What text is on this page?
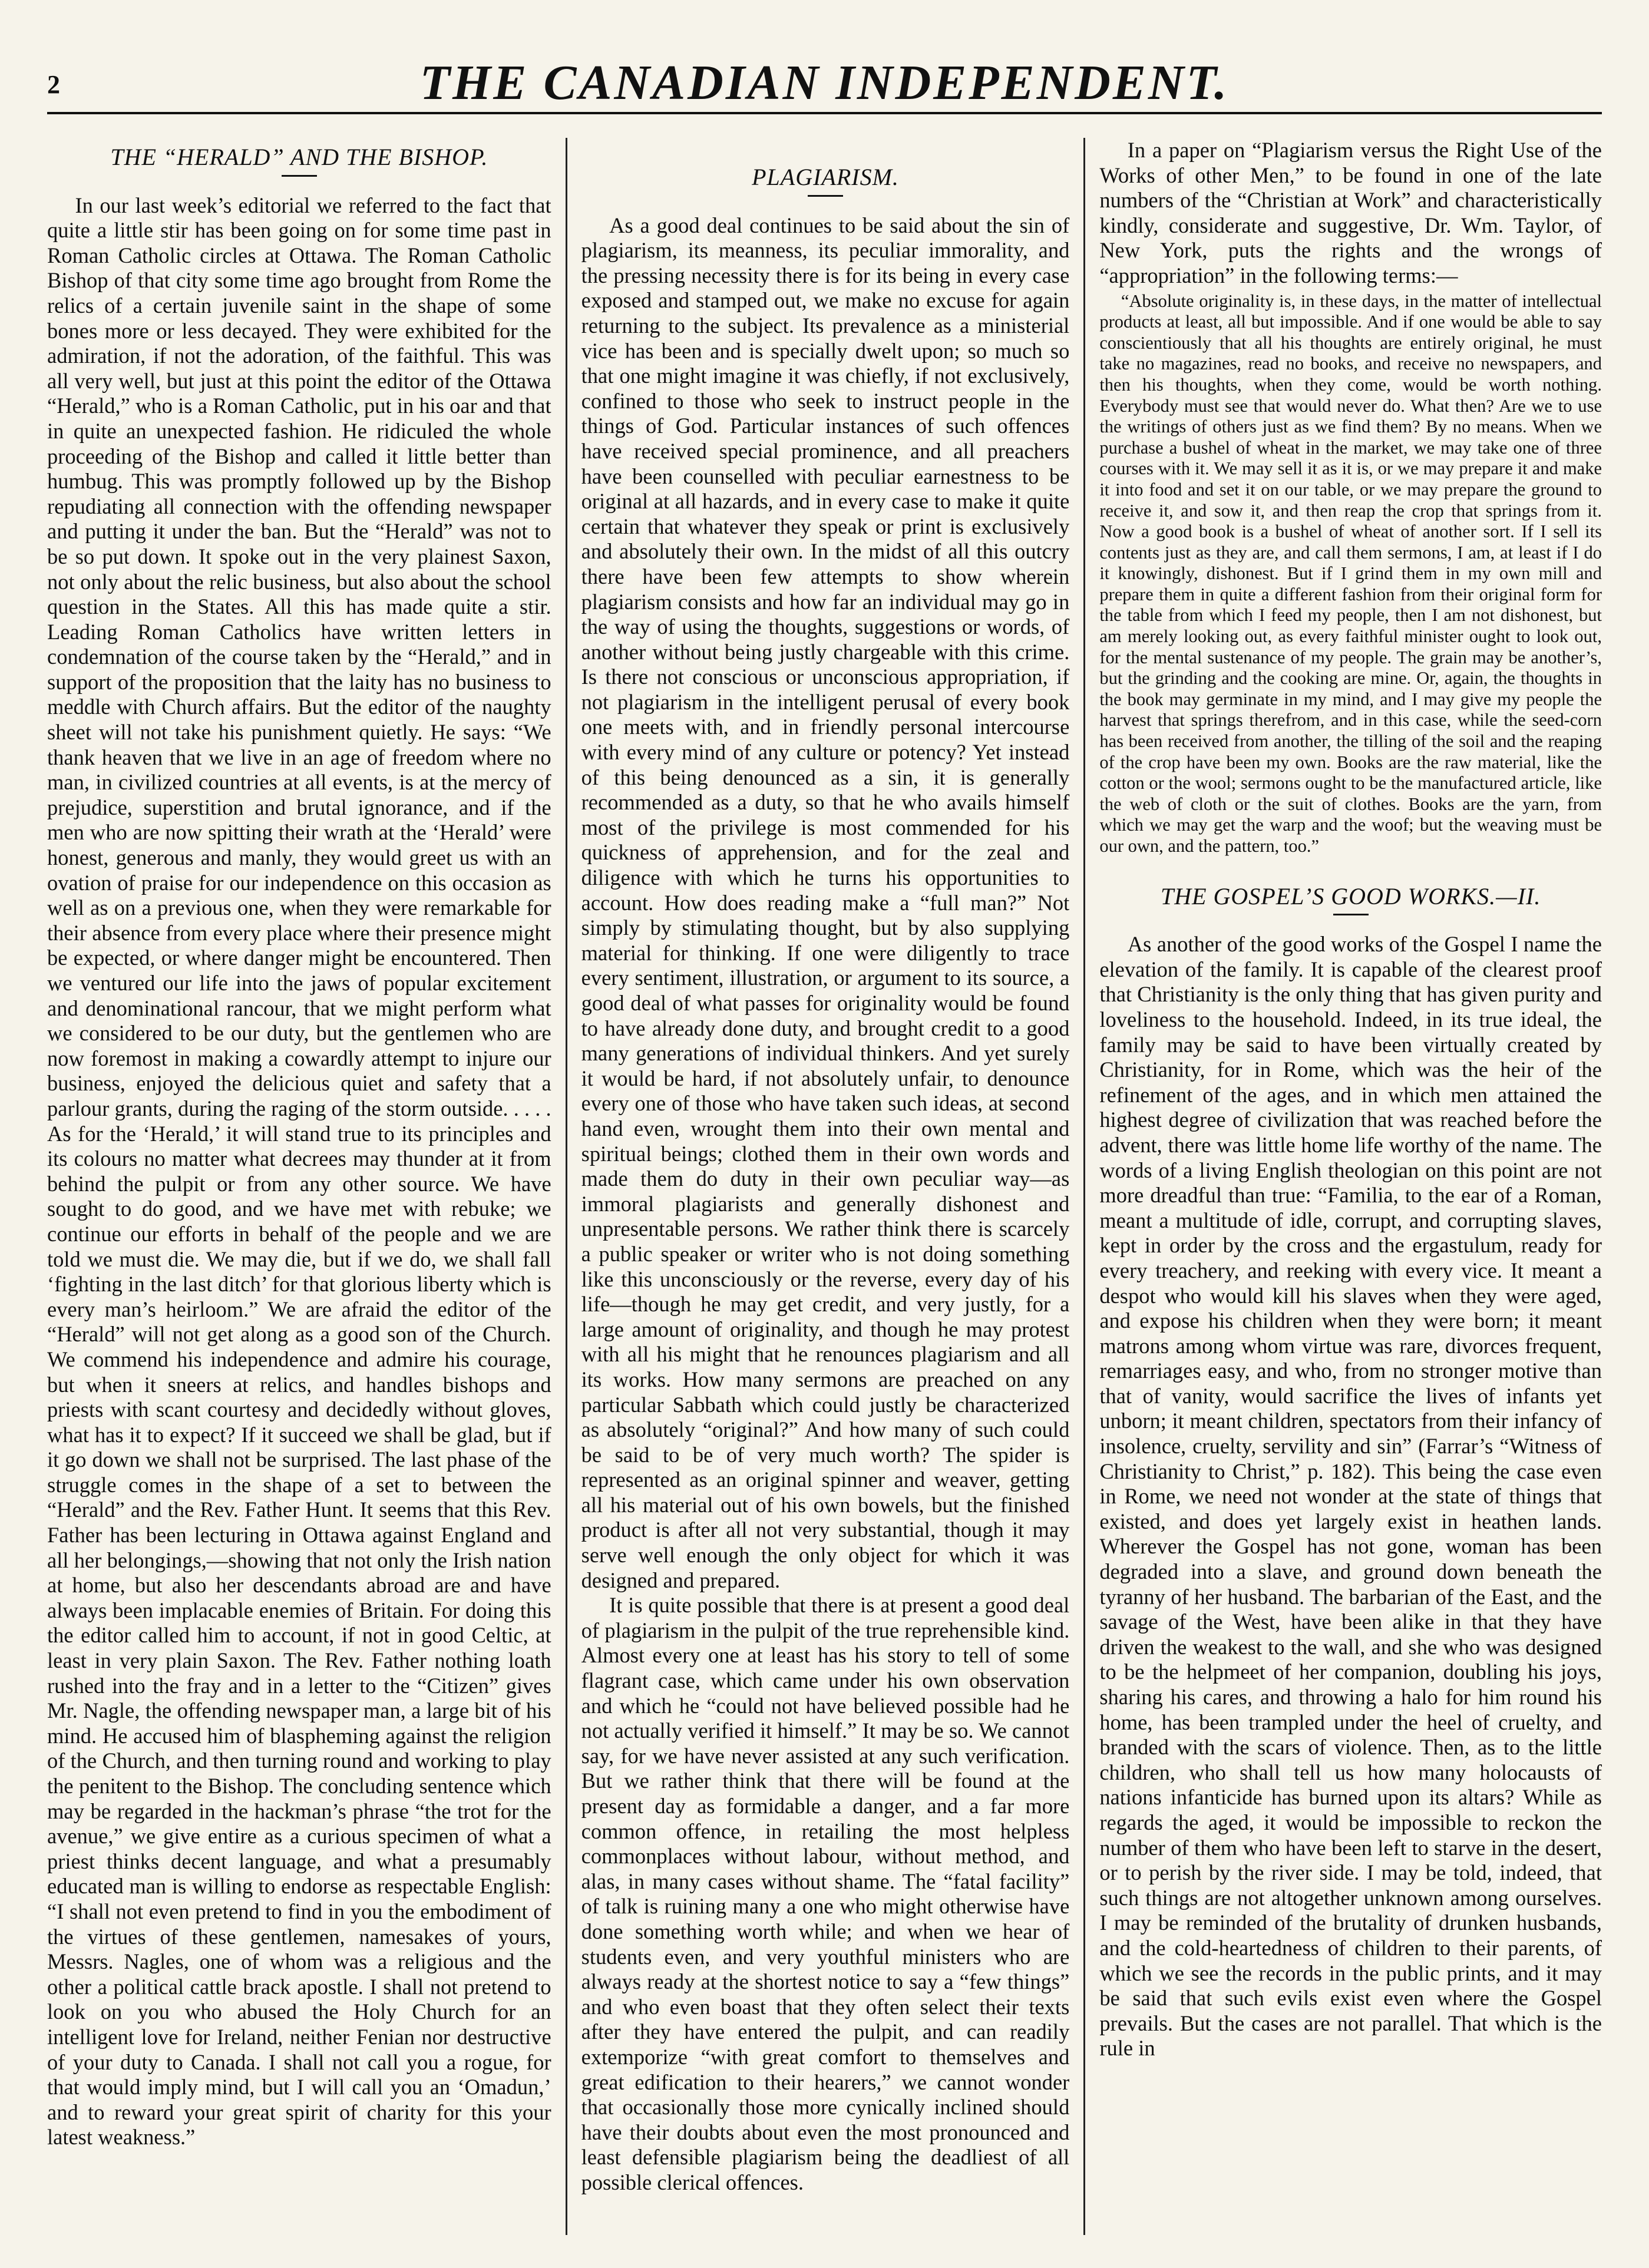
2	THE CANADIAN INDEPENDENT.
THE “HERALD” AND THE BISHOP.

In our last week’s editorial we referred to the fact that quite a little stir has been going on for some time past in Roman Catholic circles at Ottawa. The Roman Catholic Bishop of that city some time ago brought from Rome the relics of a certain juvenile saint in the shape of some bones more or less decayed. They were exhibited for the admiration, if not the adoration, of the faithful. This was all very well, but just at this point the editor of the Ottawa “Herald,” who is a Roman Catholic, put in his oar and that in quite an unexpected fashion. He ridiculed the whole proceeding of the Bishop and called it little better than humbug. This was promptly followed up by the Bishop repudiating all connection with the offending newspaper and putting it under the ban. But the “Herald” was not to be so put down. It spoke out in the very plainest Saxon, not only about the relic business, but also about the school question in the States. All this has made quite a stir. Leading Roman Catholics have written letters in condemnation of the course taken by the “Herald,” and in support of the proposition that the laity has no business to meddle with Church affairs. But the editor of the naughty sheet will not take his punishment quietly. He says: “We thank heaven that we live in an age of freedom where no man, in civilized countries at all events, is at the mercy of prejudice, superstition and brutal ignorance, and if the men who are now spitting their wrath at the ‘Herald’ were honest, generous and manly, they would greet us with an ovation of praise for our independence on this occasion as well as on a previous one, when they were remarkable for their absence from every place where their presence might be expected, or where danger might be encountered. Then we ventured our life into the jaws of popular excitement and denominational rancour, that we might perform what we considered to be our duty, but the gentlemen who are now foremost in making a cowardly attempt to injure our business, enjoyed the delicious quiet and safety that a parlour grants, during the raging of the storm outside. . . . . As for the ‘Herald,’ it will stand true to its principles and its colours no matter what decrees may thunder at it from behind the pulpit or from any other source. We have sought to do good, and we have met with rebuke; we continue our efforts in behalf of the people and we are told we must die. We may die, but if we do, we shall fall ‘fighting in the last ditch’ for that glorious liberty which is every man’s heirloom.” We are afraid the editor of the “Herald” will not get along as a good son of the Church. We commend his independence and admire his courage, but when it sneers at relics, and handles bishops and priests with scant courtesy and decidedly without gloves, what has it to expect? If it succeed we shall be glad, but if it go down we shall not be surprised. The last phase of the struggle comes in the shape of a set to between the “Herald” and the Rev. Father Hunt. It seems that this Rev. Father has been lecturing in Ottawa against England and all her belongings,—showing that not only the Irish nation at home, but also her descendants abroad are and have always been implacable enemies of Britain. For doing this the editor called him to account, if not in good Celtic, at least in very plain Saxon. The Rev. Father nothing loath rushed into the fray and in a letter to the “Citizen” gives Mr. Nagle, the offending newspaper man, a large bit of his mind. He accused him of blaspheming against the religion of the Church, and then turning round and working to play the penitent to the Bishop. The concluding sentence which may be regarded in the hackman’s phrase “the trot for the avenue,” we give entire as a curious specimen of what a priest thinks decent language, and what a presumably educated man is willing to endorse as respectable English: “I shall not even pretend to find in you the embodiment of the virtues of these gentlemen, namesakes of yours, Messrs. Nagles, one of whom was a religious and the other a political cattle brack apostle. I shall not pretend to look on you who abused the Holy Church for an intelligent love for Ireland, neither Fenian nor destructive of your duty to Canada. I shall not call you a rogue, for that would imply mind, but I will call you an ‘Omadun,’ and to reward your great spirit of charity for this your latest weakness.”

PLAGIARISM.

As a good deal continues to be said about the sin of plagiarism, its meanness, its peculiar immorality, and the pressing necessity there is for its being in every case exposed and stamped out, we make no excuse for again returning to the subject. Its prevalence as a ministerial vice has been and is specially dwelt upon; so much so that one might imagine it was chiefly, if not exclusively, confined to those who seek to instruct people in the things of God. Particular instances of such offences have received special prominence, and all preachers have been counselled with peculiar earnestness to be original at all hazards, and in every case to make it quite certain that whatever they speak or print is exclusively and absolutely their own. In the midst of all this outcry there have been few attempts to show wherein plagiarism consists and how far an individual may go in the way of using the thoughts, suggestions or words, of another without being justly chargeable with this crime. Is there not conscious or unconscious appropriation, if not plagiarism in the intelligent perusal of every book one meets with, and in friendly personal intercourse with every mind of any culture or potency? Yet instead of this being denounced as a sin, it is generally recommended as a duty, so that he who avails himself most of the privilege is most commended for his quickness of apprehension, and for the zeal and diligence with which he turns his opportunities to account. How does reading make a “full man?” Not simply by stimulating thought, but by also supplying material for thinking. If one were diligently to trace every sentiment, illustration, or argument to its source, a good deal of what passes for originality would be found to have already done duty, and brought credit to a good many generations of individual thinkers. And yet surely it would be hard, if not absolutely unfair, to denounce every one of those who have taken such ideas, at second hand even, wrought them into their own mental and spiritual beings; clothed them in their own words and made them do duty in their own peculiar way—as immoral plagiarists and generally dishonest and unpresentable persons. We rather think there is scarcely a public speaker or writer who is not doing something like this unconsciously or the reverse, every day of his life—though he may get credit, and very justly, for a large amount of originality, and though he may protest with all his might that he renounces plagiarism and all its works. How many sermons are preached on any particular Sabbath which could justly be characterized as absolutely “original?” And how many of such could be said to be of very much worth? The spider is represented as an original spinner and weaver, getting all his material out of his own bowels, but the finished product is after all not very substantial, though it may serve well enough the only object for which it was designed and prepared.

It is quite possible that there is at present a good deal of plagiarism in the pulpit of the true reprehensible kind. Almost every one at least has his story to tell of some flagrant case, which came under his own observation and which he “could not have believed possible had he not actually verified it himself.” It may be so. We cannot say, for we have never assisted at any such verification. But we rather think that there will be found at the present day as formidable a danger, and a far more common offence, in retailing the most helpless commonplaces without labour, without method, and alas, in many cases without shame. The “fatal facility” of talk is ruining many a one who might otherwise have done something worth while; and when we hear of students even, and very youthful ministers who are always ready at the shortest notice to say a “few things” and who even boast that they often select their texts after they have entered the pulpit, and can readily extemporize “with great comfort to themselves and great edification to their hearers,” we cannot wonder that occasionally those more cynically inclined should have their doubts about even the most pronounced and least defensible plagiarism being the deadliest of all possible clerical offences.

In a paper on “Plagiarism versus the Right Use of the Works of other Men,” to be found in one of the late numbers of the “Christian at Work” and characteristically kindly, considerate and suggestive, Dr. Wm. Taylor, of New York, puts the rights and the wrongs of “appropriation” in the following terms:—

“Absolute originality is, in these days, in the matter of intellectual products at least, all but impossible. And if one would be able to say conscientiously that all his thoughts are entirely original, he must take no magazines, read no books, and receive no newspapers, and then his thoughts, when they come, would be worth nothing. Everybody must see that would never do. What then? Are we to use the writings of others just as we find them? By no means. When we purchase a bushel of wheat in the market, we may take one of three courses with it. We may sell it as it is, or we may prepare it and make it into food and set it on our table, or we may prepare the ground to receive it, and sow it, and then reap the crop that springs from it. Now a good book is a bushel of wheat of another sort. If I sell its contents just as they are, and call them sermons, I am, at least if I do it knowingly, dishonest. But if I grind them in my own mill and prepare them in quite a different fashion from their original form for the table from which I feed my people, then I am not dishonest, but am merely looking out, as every faithful minister ought to look out, for the mental sustenance of my people. The grain may be another’s, but the grinding and the cooking are mine. Or, again, the thoughts in the book may germinate in my mind, and I may give my people the harvest that springs therefrom, and in this case, while the seed-corn has been received from another, the tilling of the soil and the reaping of the crop have been my own. Books are the raw material, like the cotton or the wool; sermons ought to be the manufactured article, like the web of cloth or the suit of clothes. Books are the yarn, from which we may get the warp and the woof; but the weaving must be our own, and the pattern, too.”

THE GOSPEL’S GOOD WORKS.—II.

As another of the good works of the Gospel I name the elevation of the family. It is capable of the clearest proof that Christianity is the only thing that has given purity and loveliness to the household. Indeed, in its true ideal, the family may be said to have been virtually created by Christianity, for in Rome, which was the heir of the refinement of the ages, and in which men attained the highest degree of civilization that was reached before the advent, there was little home life worthy of the name. The words of a living English theologian on this point are not more dreadful than true: “Familia, to the ear of a Roman, meant a multitude of idle, corrupt, and corrupting slaves, kept in order by the cross and the ergastulum, ready for every treachery, and reeking with every vice. It meant a despot who would kill his slaves when they were aged, and expose his children when they were born; it meant matrons among whom virtue was rare, divorces frequent, remarriages easy, and who, from no stronger motive than that of vanity, would sacrifice the lives of infants yet unborn; it meant children, spectators from their infancy of insolence, cruelty, servility and sin” (Farrar’s “Witness of Christianity to Christ,” p. 182). This being the case even in Rome, we need not wonder at the state of things that existed, and does yet largely exist in heathen lands. Wherever the Gospel has not gone, woman has been degraded into a slave, and ground down beneath the tyranny of her husband. The barbarian of the East, and the savage of the West, have been alike in that they have driven the weakest to the wall, and she who was designed to be the helpmeet of her companion, doubling his joys, sharing his cares, and throwing a halo for him round his home, has been trampled under the heel of cruelty, and branded with the scars of violence. Then, as to the little children, who shall tell us how many holocausts of nations infanticide has burned upon its altars? While as regards the aged, it would be impossible to reckon the number of them who have been left to starve in the desert, or to perish by the river side. I may be told, indeed, that such things are not altogether unknown among ourselves. I may be reminded of the brutality of drunken husbands, and the cold-heartedness of children to their parents, of which we see the records in the public prints, and it may be said that such evils exist even where the Gospel prevails. But the cases are not parallel. That which is the rule in
